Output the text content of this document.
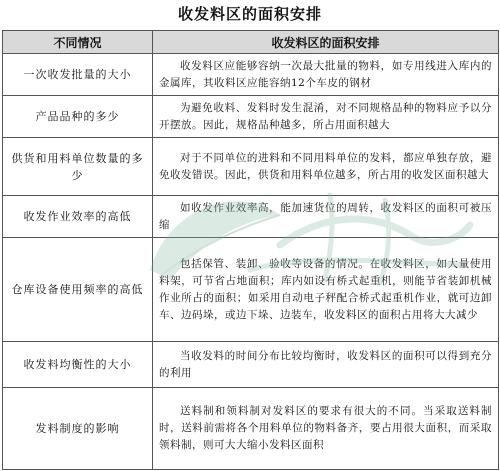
收发料区的面积安排
不同情况	收发料区的面积安排
一次收发批量的大小	收发料区应能够容纳一次最大批量的物料，如专用线进入库内的金属库，其收料区应能容纳12个车皮的钢材
产品品种的多少	为避免收料、发料时发生混淆，对不同规格品种的物料应予以分开摆放。因此，规格品种越多，所占用面积越大
供货和用料单位数量的多少	对于不同单位的进料和不同用料单位的发料，都应单独存放，避免收发错误。因此，供货和用料单位越多，所占用的收发区面积越大
收发作业效率的高低	如收发作业效率高，能加速货位的周转，收发料区的面积可被压缩
仓库设备使用频率的高低	包括保管、装卸、验收等设备的情况。在收发料区，如大量使用料架，可节省占地面积；库内如设有桥式起重机，则能节省装卸机械作业所占的面积；如采用自动电子秤配合桥式起重机作业，就可边卸车、边码垛，或边下垛、边装车，收发料区的面积占用将大大减少
收发料均衡性的大小	当收发料的时间分布比较均衡时，收发料区的面积可以得到充分的利用
发料制度的影响	送料制和领料制对发料区的要求有很大的不同。当采取送料制时，送料前需将各个用料单位的物料备齐，要占用很大面积，而采取领料制，则可大大缩小发料区面积
